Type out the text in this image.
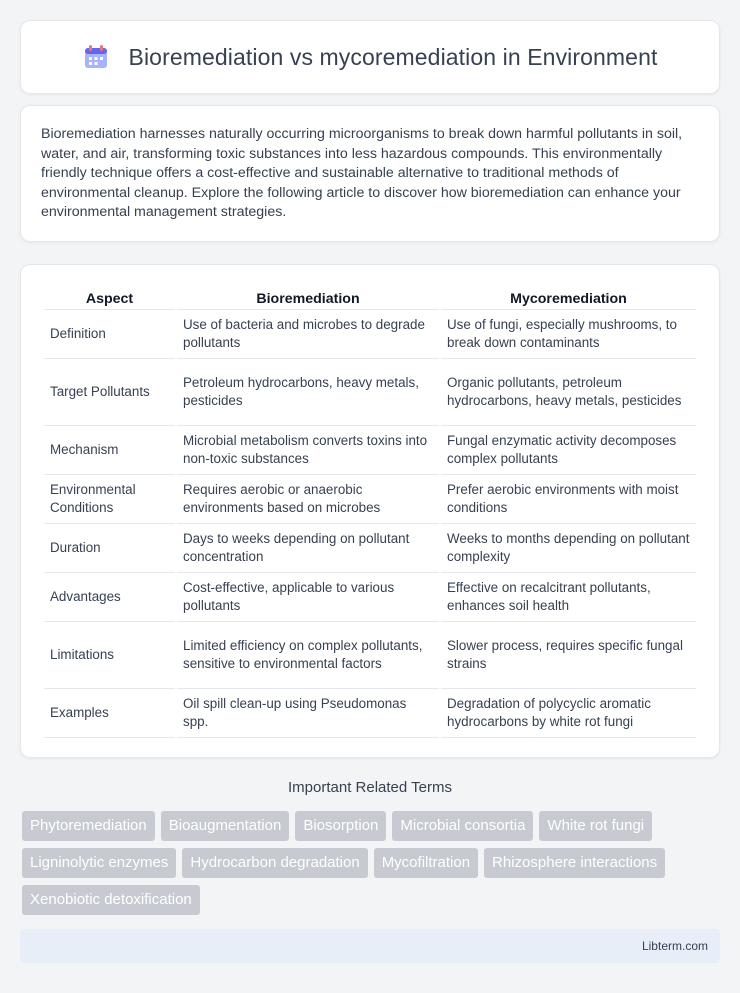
Bioremediation vs mycoremediation in Environment

Bioremediation harnesses naturally occurring microorganisms to break down harmful pollutants in soil, water, and air, transforming toxic substances into less hazardous compounds. This environmentally friendly technique offers a cost-effective and sustainable alternative to traditional methods of environmental cleanup. Explore the following article to discover how bioremediation can enhance your environmental management strategies.

Aspect	Bioremediation	Mycoremediation
Definition	Use of bacteria and microbes to degrade pollutants	Use of fungi, especially mushrooms, to break down contaminants
Target Pollutants	Petroleum hydrocarbons, heavy metals, pesticides	Organic pollutants, petroleum hydrocarbons, heavy metals, pesticides
Mechanism	Microbial metabolism converts toxins into non-toxic substances	Fungal enzymatic activity decomposes complex pollutants
Environmental Conditions	Requires aerobic or anaerobic environments based on microbes	Prefer aerobic environments with moist conditions
Duration	Days to weeks depending on pollutant concentration	Weeks to months depending on pollutant complexity
Advantages	Cost-effective, applicable to various pollutants	Effective on recalcitrant pollutants, enhances soil health
Limitations	Limited efficiency on complex pollutants, sensitive to environmental factors	Slower process, requires specific fungal strains
Examples	Oil spill clean-up using Pseudomonas spp.	Degradation of polycyclic aromatic hydrocarbons by white rot fungi
Important Related Terms
Phytoremediation	Bioaugmentation	Biosorption	Microbial consortia	White rot fungi
Ligninolytic enzymes	Hydrocarbon degradation	Mycofiltration	Rhizosphere interactions
Xenobiotic detoxification
Libterm.com
